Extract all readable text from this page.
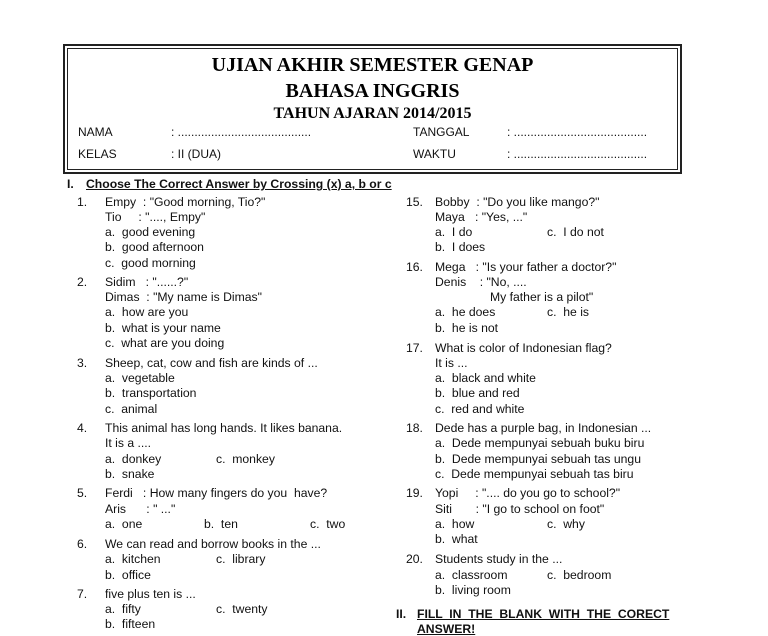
UJIAN AKHIR SEMESTER GENAP
BAHASA INGGRIS
TAHUN AJARAN 2014/2015
NAMA	: ........................................	TANGGAL	: ........................................
KELAS	: II (DUA)	WAKTU	: ........................................
I. Choose The Correct Answer by Crossing (x) a, b or c
1. Empy  : "Good morning, Tio?"
Tio     : "...., Empy"
a.  good evening
b.  good afternoon
c.  good morning
2. Sidim   : "......?"
Dimas  : "My name is Dimas"
a.  how are you
b.  what is your name
c.  what are you doing
3. Sheep, cat, cow and fish are kinds of ...
a.  vegetable
b.  transportation
c.  animal
4. This animal has long hands. It likes banana.
It is a ....
a.  donkey	c.  monkey
b.  snake
5. Ferdi   : How many fingers do you  have?
Aris      : " ..."
a.  one	b.  ten	c.  two
6. We can read and borrow books in the ...
a.  kitchen	c.  library
b.  office
7. five plus ten is ...
a.  fifty	c.  twenty
b.  fifteen
15. Bobby  : "Do you like mango?"
Maya   : "Yes, ..."
a.  I do	c.  I do not
b.  I does
16. Mega   : "Is your father a doctor?"
Denis    : "No, ....
My father is a pilot"
a.  he does	c.  he is
b.  he is not
17. What is color of Indonesian flag?
It is ...
a.  black and white
b.  blue and red
c.  red and white
18. Dede has a purple bag, in Indonesian ...
a.  Dede mempunyai sebuah buku biru
b.  Dede mempunyai sebuah tas ungu
c.  Dede mempunyai sebuah tas biru
19. Yopi     : ".... do you go to school?"
Siti       : "I go to school on foot"
a.  how	c.  why
b.  what
20. Students study in the ...
a.  classroom	c.  bedroom
b.  living room
II. FILL  IN  THE  BLANK  WITH  THE  CORECT
ANSWER!
